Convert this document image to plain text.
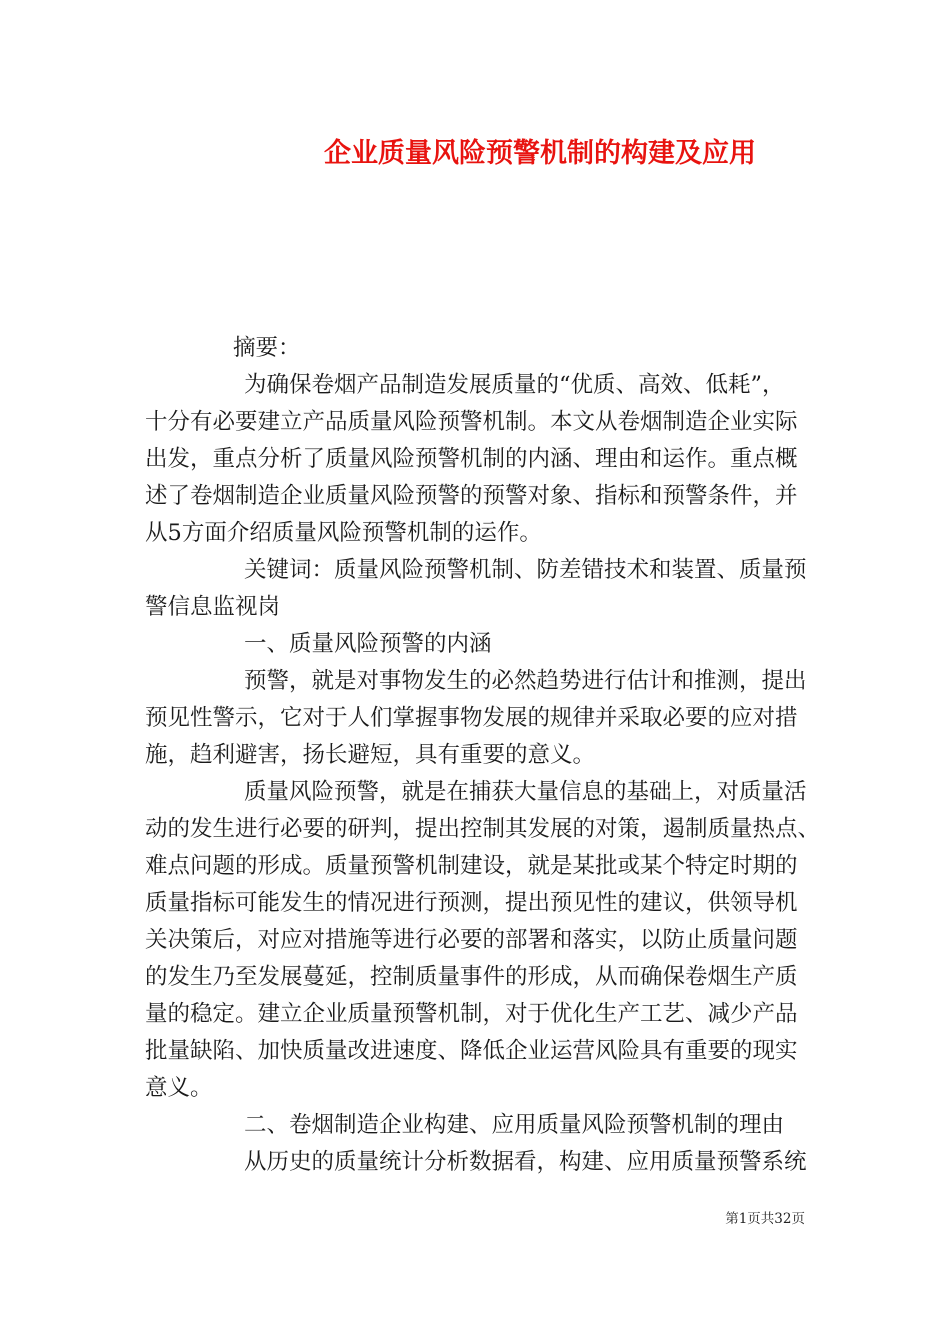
企业质量风险预警机制的构建及应用
摘要：
为确保卷烟产品制造发展质量的“优质、高效、低耗”，
十分有必要建立产品质量风险预警机制。本文从卷烟制造企业实际
出发，重点分析了质量风险预警机制的内涵、理由和运作。重点概
述了卷烟制造企业质量风险预警的预警对象、指标和预警条件，并
从5方面介绍质量风险预警机制的运作。
关键词：质量风险预警机制、防差错技术和装置、质量预
警信息监视岗
一、质量风险预警的内涵
预警，就是对事物发生的必然趋势进行估计和推测，提出
预见性警示，它对于人们掌握事物发展的规律并采取必要的应对措
施，趋利避害，扬长避短，具有重要的意义。
质量风险预警，就是在捕获大量信息的基础上，对质量活
动的发生进行必要的研判，提出控制其发展的对策，遏制质量热点、
难点问题的形成。质量预警机制建设，就是某批或某个特定时期的
质量指标可能发生的情况进行预测，提出预见性的建议，供领导机
关决策后，对应对措施等进行必要的部署和落实，以防止质量问题
的发生乃至发展蔓延，控制质量事件的形成，从而确保卷烟生产质
量的稳定。建立企业质量预警机制，对于优化生产工艺、减少产品
批量缺陷、加快质量改进速度、降低企业运营风险具有重要的现实
意义。
二、卷烟制造企业构建、应用质量风险预警机制的理由
从历史的质量统计分析数据看，构建、应用质量预警系统
第1页共32页
